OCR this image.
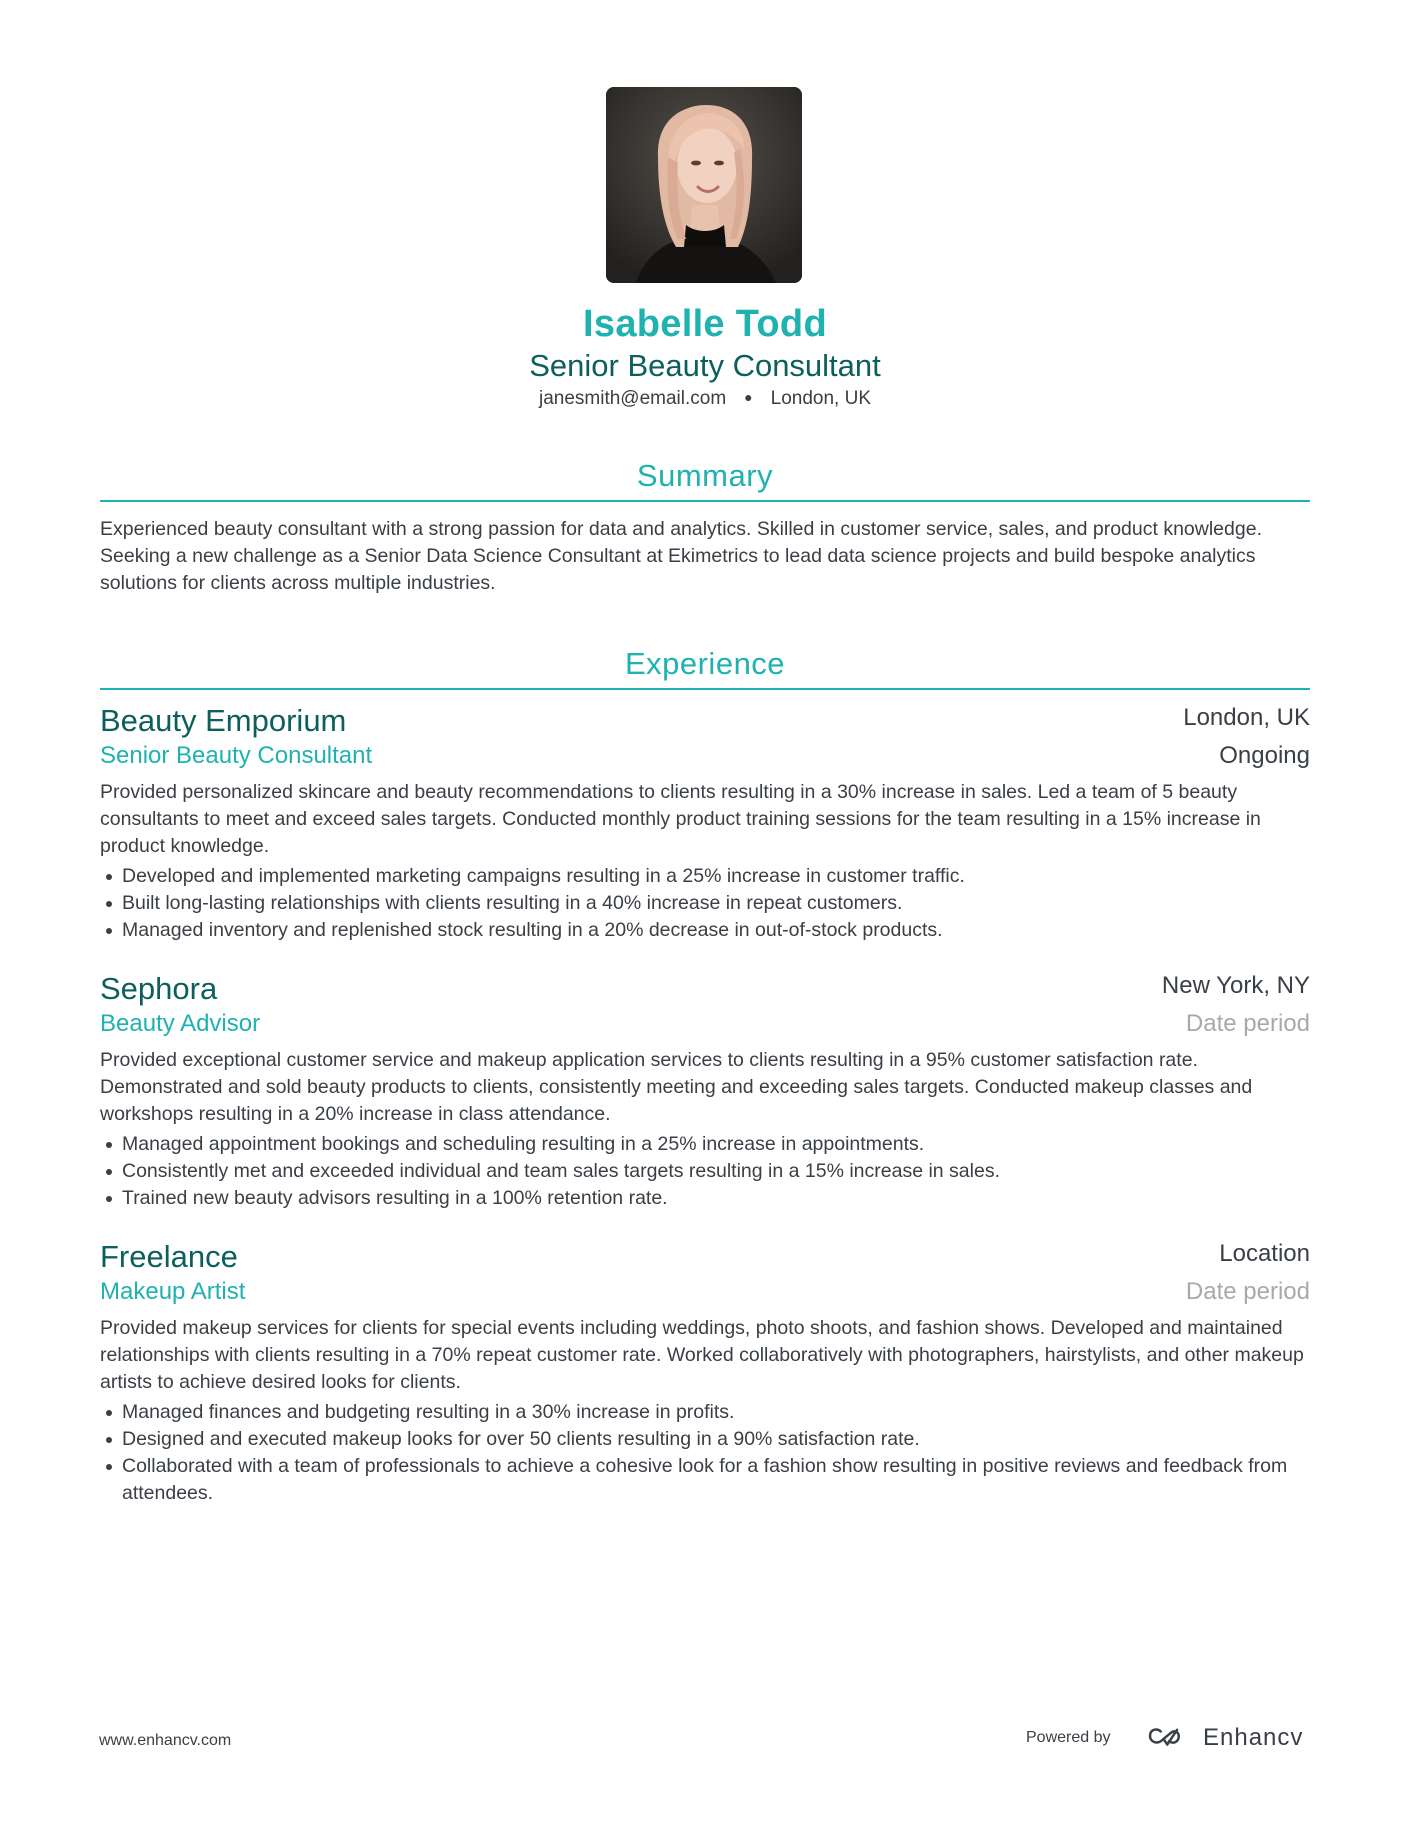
Isabelle Todd
Senior Beauty Consultant
janesmith@email.com ● London, UK
Summary

Experienced beauty consultant with a strong passion for data and analytics. Skilled in customer service, sales, and product knowledge. Seeking a new challenge as a Senior Data Science Consultant at Ekimetrics to lead data science projects and build bespoke analytics solutions for clients across multiple industries.

Experience
Beauty Emporium	London, UK
Senior Beauty Consultant	Ongoing

Provided personalized skincare and beauty recommendations to clients resulting in a 30% increase in sales. Led a team of 5 beauty consultants to meet and exceed sales targets. Conducted monthly product training sessions for the team resulting in a 15% increase in product knowledge.

Developed and implemented marketing campaigns resulting in a 25% increase in customer traffic.
Built long-lasting relationships with clients resulting in a 40% increase in repeat customers.
Managed inventory and replenished stock resulting in a 20% decrease in out-of-stock products.
Sephora	New York, NY
Beauty Advisor	Date period

Provided exceptional customer service and makeup application services to clients resulting in a 95% customer satisfaction rate. Demonstrated and sold beauty products to clients, consistently meeting and exceeding sales targets. Conducted makeup classes and workshops resulting in a 20% increase in class attendance.

Managed appointment bookings and scheduling resulting in a 25% increase in appointments.
Consistently met and exceeded individual and team sales targets resulting in a 15% increase in sales.
Trained new beauty advisors resulting in a 100% retention rate.
Freelance	Location
Makeup Artist	Date period

Provided makeup services for clients for special events including weddings, photo shoots, and fashion shows. Developed and maintained relationships with clients resulting in a 70% repeat customer rate. Worked collaboratively with photographers, hairstylists, and other makeup artists to achieve desired looks for clients.

Managed finances and budgeting resulting in a 30% increase in profits.
Designed and executed makeup looks for over 50 clients resulting in a 90% satisfaction rate.
Collaborated with a team of professionals to achieve a cohesive look for a fashion show resulting in positive reviews and feedback from attendees.
www.enhancv.com	Powered by	Enhancv
